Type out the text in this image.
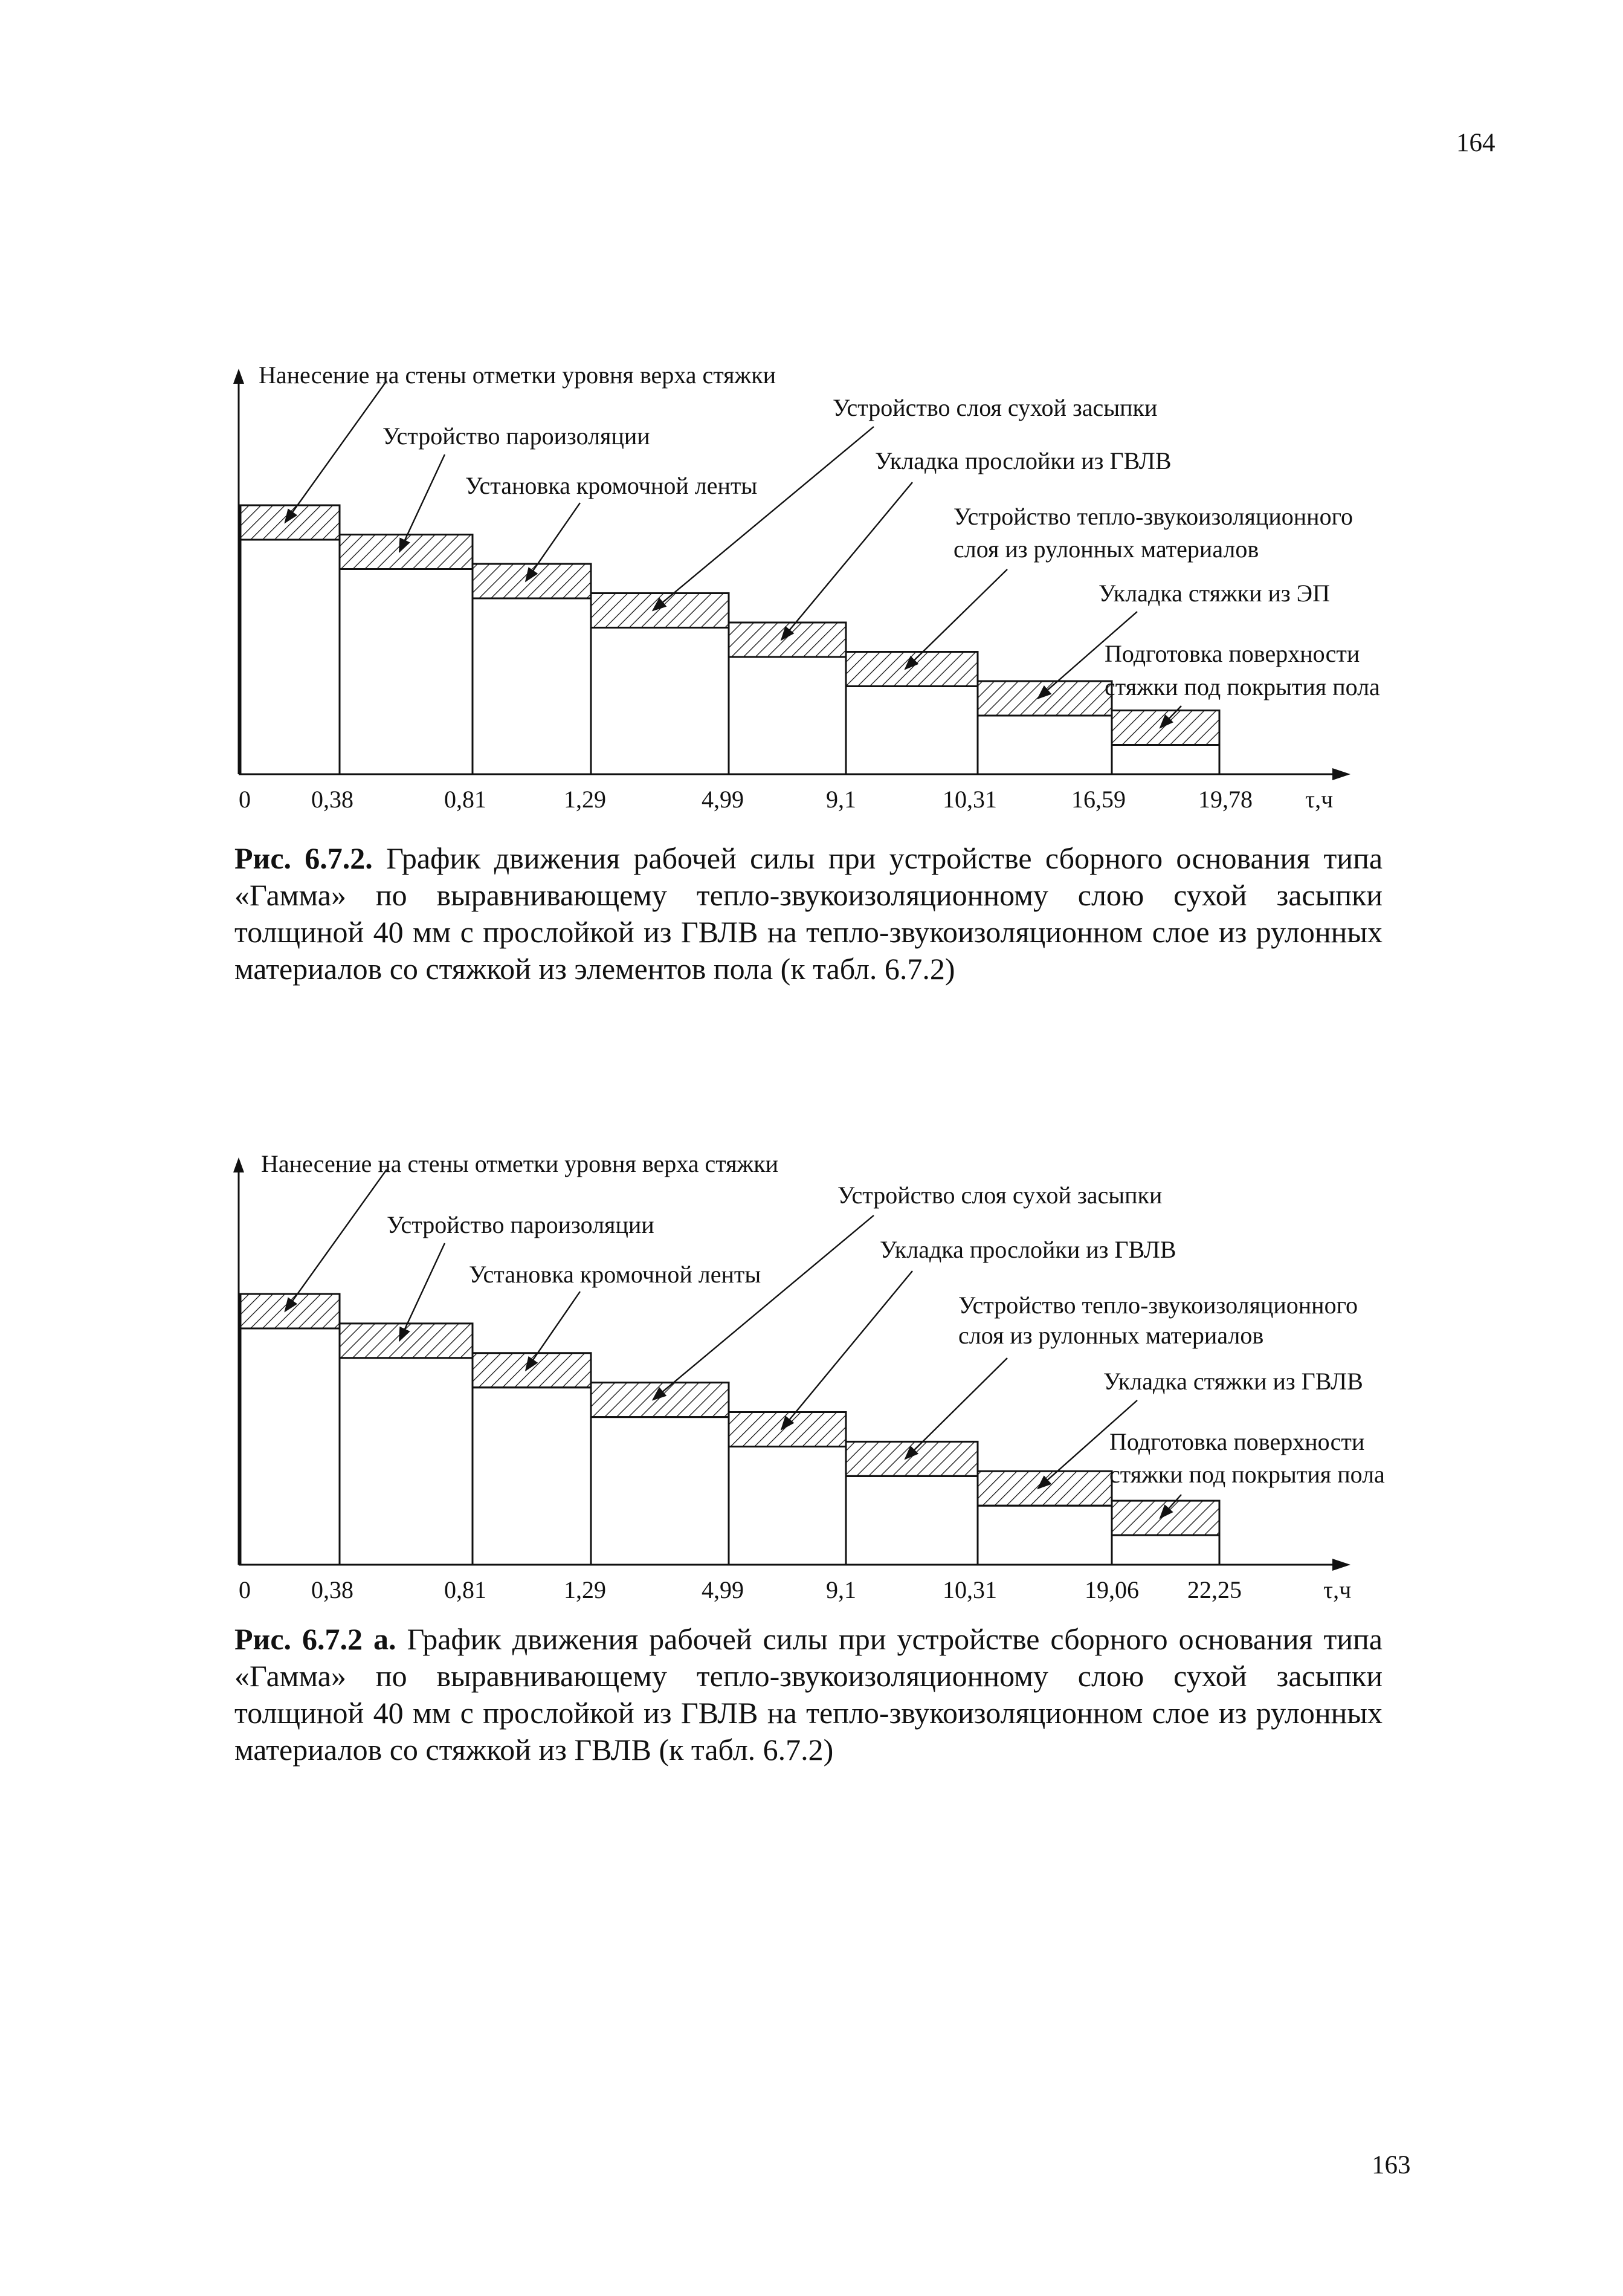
164
0	0,38	0,81	1,29	4,99	9,1	10,31	16,59	19,78 τ,ч
Нанесение на стены отметки уровня верха стяжки
Устройство пароизоляции
Установка кромочной ленты
Устройство слоя сухой засыпки
Укладка прослойки из ГВЛВ
Устройство тепло-звукоизоляционного
слоя из рулонных материалов
Укладка стяжки из ЭП
Подготовка поверхности
стяжки под покрытия пола
Рис. 6.7.2. График движения рабочей силы при устройстве сборного основания типа «Гамма» по выравнивающему тепло-звукоизоляционному слою сухой засыпки толщиной 40 мм с прослойкой из ГВЛВ на тепло-звукоизоляционном слое из рулонных материалов со стяжкой из элементов пола (к табл. 6.7.2)
0	0,38	0,81	1,29	4,99	9,1	10,31	19,06 22,25	τ,ч
Нанесение на стены отметки уровня верха стяжки
Устройство пароизоляции
Установка кромочной ленты
Устройство слоя сухой засыпки
Укладка прослойки из ГВЛВ
Устройство тепло-звукоизоляционного
слоя из рулонных материалов
Укладка стяжки из ГВЛВ
Подготовка поверхности
стяжки под покрытия пола
Рис. 6.7.2 а. График движения рабочей силы при устройстве сборного основания типа «Гамма» по выравнивающему тепло-звукоизоляционному слою сухой засыпки толщиной 40 мм с прослойкой из ГВЛВ на тепло-звукоизоляционном слое из рулонных материалов со стяжкой из ГВЛВ (к табл. 6.7.2)
163
